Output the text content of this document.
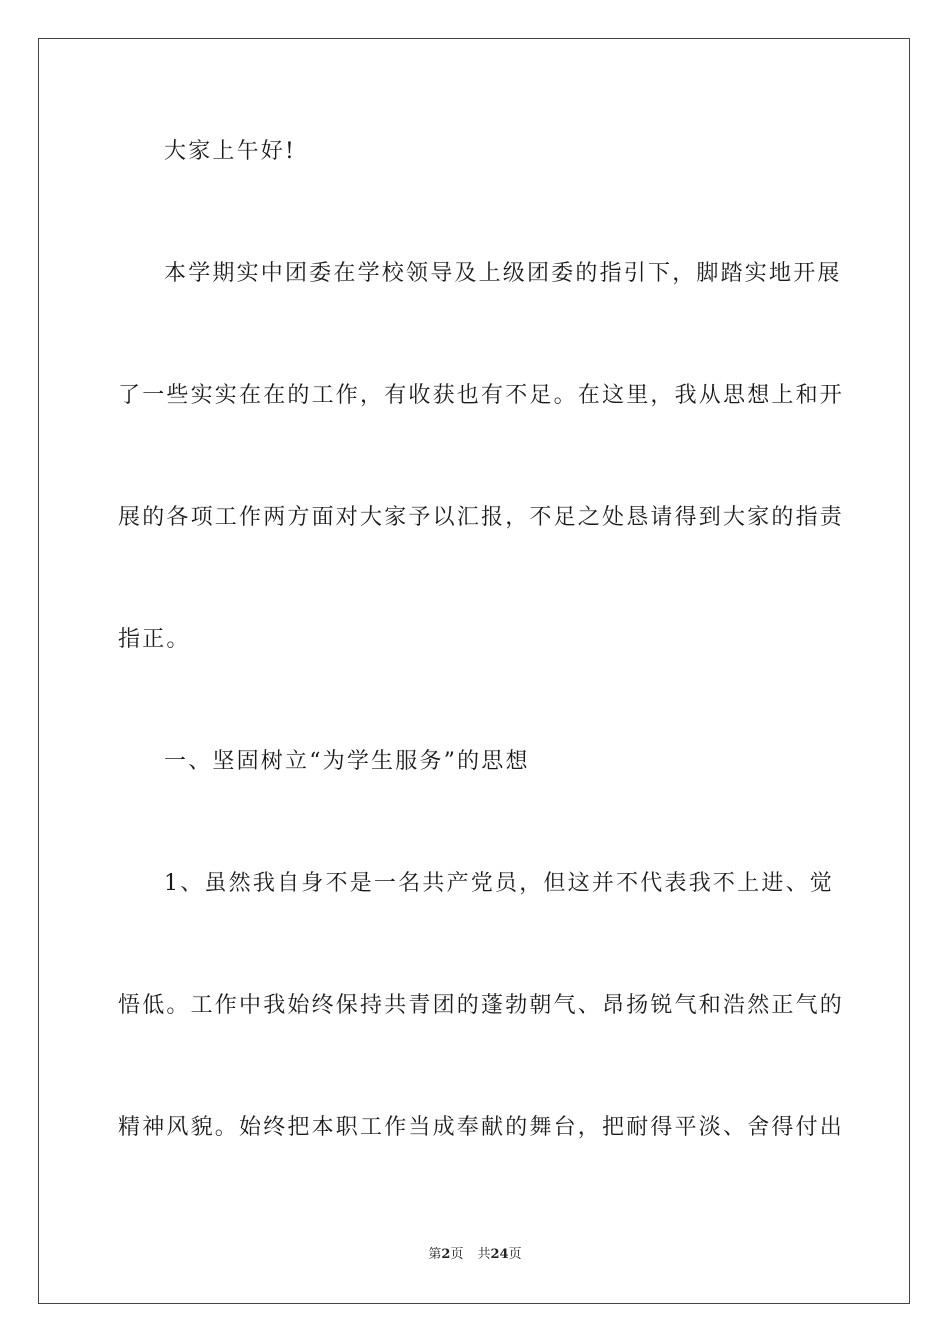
大家上午好!
本学期实中团委在学校领导及上级团委的指引下，脚踏实地开展
了一些实实在在的工作，有收获也有不足。在这里，我从思想上和开
展的各项工作两方面对大家予以汇报，不足之处恳请得到大家的指责
指正。
一、坚固树立“为学生服务”的思想
1、虽然我自身不是一名共产党员，但这并不代表我不上进、觉
悟低。工作中我始终保持共青团的蓬勃朝气、昂扬锐气和浩然正气的
精神风貌。始终把本职工作当成奉献的舞台，把耐得平淡、舍得付出
第2页 共24页
